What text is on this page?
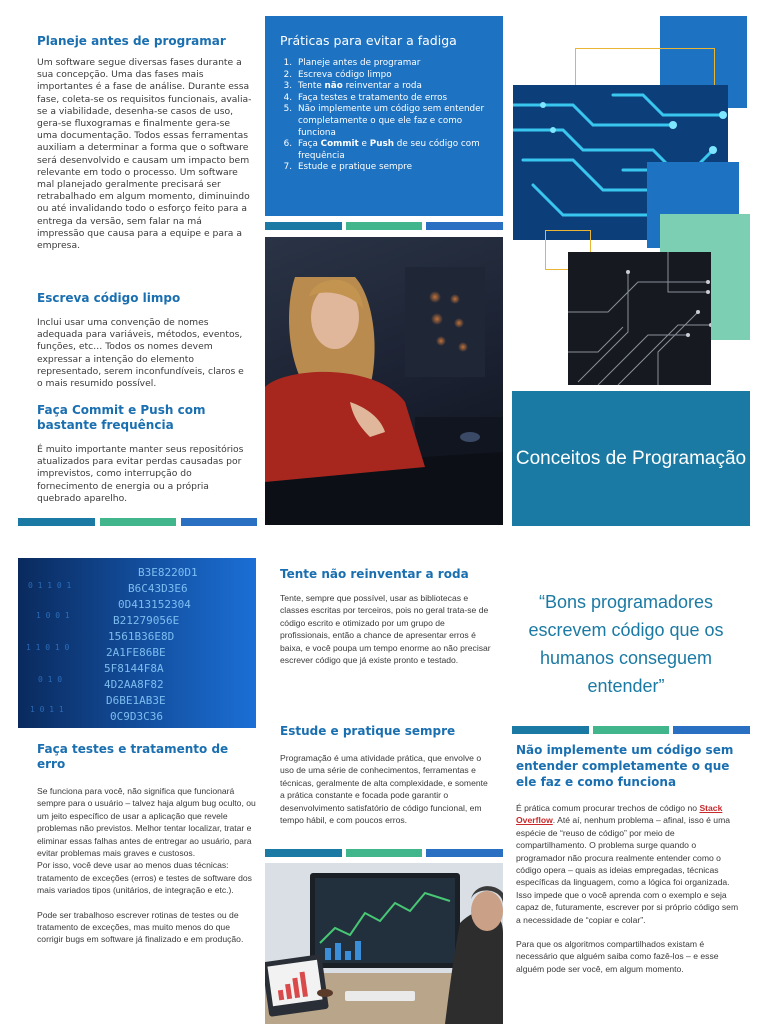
Planeje antes de programar

Um software segue diversas fases durante a sua concepção. Uma das fases mais importantes é a fase de análise. Durante essa fase, coleta-se os requisitos funcionais, avalia-se a viabilidade, desenha-se casos de uso, gera-se fluxogramas e finalmente gera-se uma documentação. Todos essas ferramentas auxiliam a determinar a forma que o software será desenvolvido e causam um impacto bem relevante em todo o processo. Um software mal planejado geralmente precisará ser retrabalhado em algum momento, diminuindo ou até invalidando todo o esforço feito para a entrega da versão, sem falar na má impressão que causa para a equipe e para a empresa.

Escreva código limpo

Inclui usar uma convenção de nomes adequada para variáveis, métodos, eventos, funções, etc… Todos os nomes devem expressar a intenção do elemento representado, serem inconfundíveis, claros e o mais resumido possível.

Faça Commit e Push com bastante frequência

É muito importante manter seus repositórios atualizados para evitar perdas causadas por imprevistos, como interrupção do fornecimento de energia ou a própria quebrado aparelho.

Práticas para evitar a fadiga
1. Planeje antes de programar
2. Escreva código limpo
3. Tente não reinventar a roda
4. Faça testes e tratamento de erros
5. Não implemente um código sem entender completamente o que ele faz e como funciona
6. Faça Commit e Push de seu código com frequência
7. Estude e pratique sempre
Conceitos de Programação
B3E8220D1
B6C43D3E6
0D413152304
B21279056E
1561B36E8D
2A1FE86BE
5F8144F8A
4D2AA8F82
D6BE1AB3E
0C9D3C36
0 1 1 0 1
1 0 0 1
1 1 0 1 0
0 1 0
1 0 1 1
Faça testes e tratamento de erro

Se funciona para você, não significa que funcionará sempre para o usuário – talvez haja algum bug oculto, ou um jeito específico de usar a aplicação que revele problemas não previstos. Melhor tentar localizar, tratar e eliminar essas falhas antes de entregar ao usuário, para evitar problemas mais graves e custosos.

Por isso, você deve usar ao menos duas técnicas: tratamento de exceções (erros) e testes de software dos mais variados tipos (unitários, de integração e etc.).

Pode ser trabalhoso escrever rotinas de testes ou de tratamento de exceções, mas muito menos do que corrigir bugs em software já finalizado e em produção.

Tente não reinventar a roda

Tente, sempre que possível, usar as bibliotecas e classes escritas por terceiros, pois no geral trata-se de código escrito e otimizado por um grupo de profissionais, então a chance de apresentar erros é baixa, e você poupa um tempo enorme ao não precisar escrever código que já existe pronto e testado.

Estude e pratique sempre

Programação é uma atividade prática, que envolve o uso de uma série de conhecimentos, ferramentas e técnicas, geralmente de alta complexidade, e somente a prática constante e focada pode garantir o desenvolvimento satisfatório de código funcional, em tempo hábil, e com poucos erros.

“Bons programadores escrevem código que os humanos conseguem entender”
Não implemente um código sem entender completamente o que ele faz e como funciona

É prática comum procurar trechos de código no Stack Overflow. Até aí, nenhum problema – afinal, isso é uma espécie de “reuso de código” por meio de compartilhamento. O problema surge quando o programador não procura realmente entender como o código opera – quais as ideias empregadas, técnicas específicas da linguagem, como a lógica foi organizada. Isso impede que o você aprenda com o exemplo e seja capaz de, futuramente, escrever por si próprio código sem a necessidade de “copiar e colar”.

Para que os algoritmos compartilhados existam é necessário que alguém saiba como fazê-los – e esse alguém pode ser você, em algum momento.
